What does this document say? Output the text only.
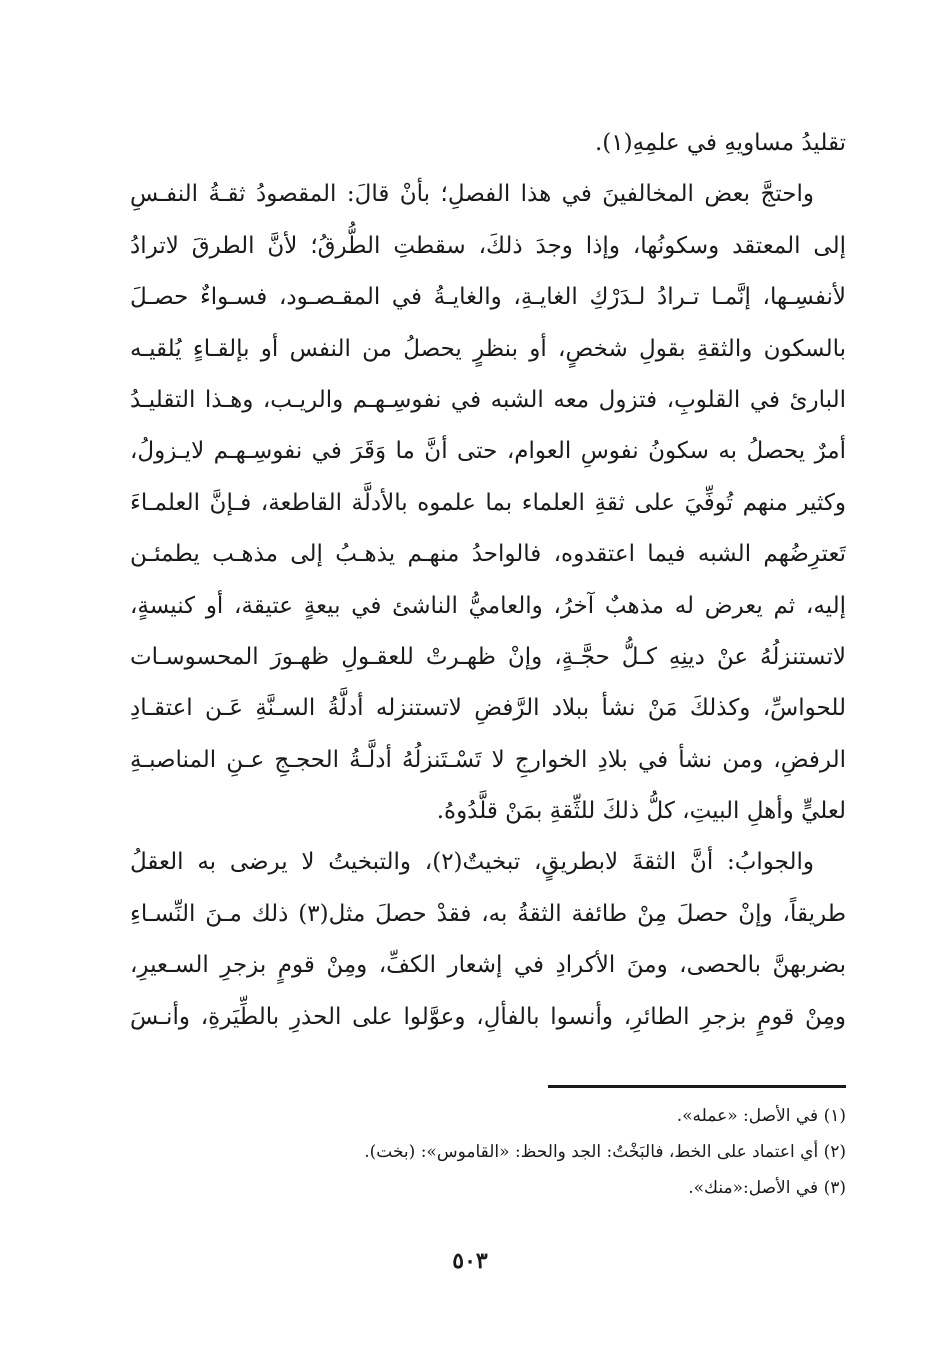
تقليدُ مساويهِ في علمِهِ(١).
واحتجَّ بعض المخالفينَ في هذا الفصلِ؛ بأنْ قالَ: المقصودُ ثقـةُ النفـسِ
إلى المعتقد وسكونُها، وإذا وجدَ ذلكَ، سقطتِ الطُّرقُ؛ لأنَّ الطرقَ لاترادُ
لأنفسِـها، إنَّمـا تـرادُ لـدَرْكِ الغايـةِ، والغايـةُ في المقـصـود، فسـواءٌ حصـلَ
بالسكون والثقةِ بقولِ شخصٍ، أو بنظرٍ يحصلُ من النفس أو بإلقـاءٍ يُلقيـه
البارئ في القلوبِ، فتزول معه الشبه في نفوسِـهـم والريـب، وهـذا التقليـدُ
أمرٌ يحصلُ به سكونُ نفوسِ العوام، حتى أنَّ ما وَقَرَ في نفوسِـهـم لايـزولُ،
وكثير منهم تُوفِّيَ على ثقةِ العلماء بما علموه بالأدلَّة القاطعة، فـإنَّ العلمـاءَ
تَعترِضُهم الشبه فيما اعتقدوه، فالواحدُ منهـم يذهـبُ إلى مذهـب يطمئـن
إليه، ثم يعرض له مذهبٌ آخرُ، والعاميُّ الناشئ في بيعةٍ عتيقة، أو كنيسةٍ،
لاتستنزلُهُ عنْ دينِهِ كـلُّ حجَّـةٍ، وإنْ ظهـرتْ للعقـولِ ظهـورَ المحسوسـات
للحواسِّ، وكذلكَ مَنْ نشأ ببلاد الرَّفضِ لاتستنزله أدلَّةُ السـنَّةِ عَـن اعتقـادِ
الرفضِ، ومن نشأ في بلادِ الخوارجِ لا تَسْـتَنزلُهُ أدلَّـةُ الحجـجِ عـنِ المناصبـةِ
لعليٍّ وأهلِ البيتِ، كلُّ ذلكَ للثِّقةِ بمَنْ قلَّدُوهُ.
والجوابُ: أنَّ الثقةَ لابطريقٍ، تبخيتٌ(٢)، والتبخيتُ لا يرضى به العقلُ
طريقاً، وإنْ حصلَ مِنْ طائفة الثقةُ به، فقدْ حصلَ مثل(٣) ذلك مـنَ النِّسـاءِ
بضربهنَّ بالحصى، ومنَ الأكرادِ في إشعار الكفِّ، ومِنْ قومٍ بزجرِ السـعيرِ،
ومِنْ قومٍ بزجرِ الطائرِ، وأنسوا بالفألِ، وعوَّلوا على الحذرِ بالطِّيَرةِ، وأنـسَ
(١) في الأصل: «عمله».
(٢) أي اعتماد على الخط، فالبَخْتُ: الجد والحظ: «القاموس»: (بخت).
(٣) في الأصل:«منك».
٥٠٣
